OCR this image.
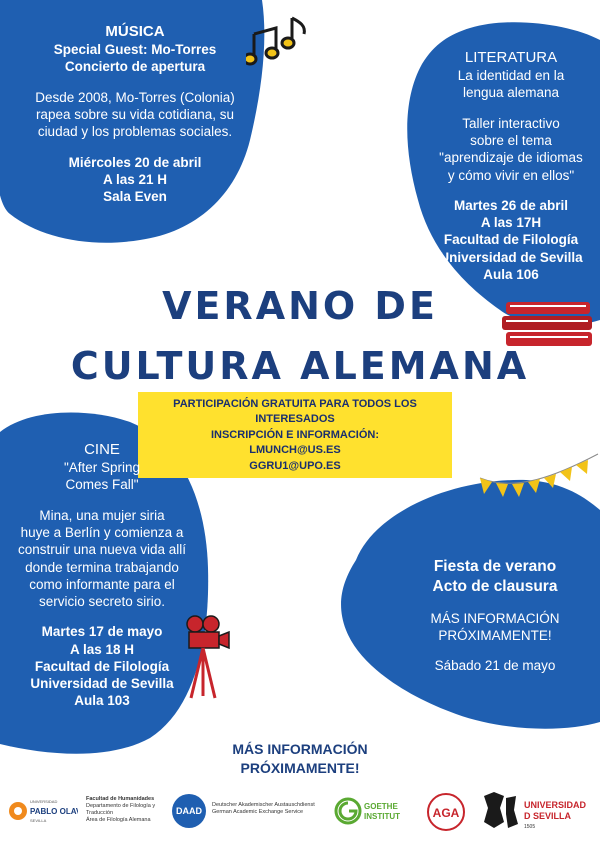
MÚSICA

Special Guest: Mo-Torres

Concierto de apertura

Desde 2008, Mo-Torres (Colonia)

rapea sobre su vida cotidiana, su

ciudad y los problemas sociales.

Miércoles 20 de abril

A las 21 H

Sala Even

LITERATURA

La identidad en la

lengua alemana

Taller interactivo

sobre el tema

"aprendizaje de idiomas

y cómo vivir en ellos"

Martes 26 de abril

A las 17H

Facultad de Filología

Universidad de Sevilla

Aula 106

VERANO DE
CULTURA ALEMANA
PARTICIPACIÓN GRATUITA PARA TODOS LOS
INTERESADOS
INSCRIPCIÓN E INFORMACIÓN:
LMUNCH@US.ES
GGRU1@UPO.ES

CINE

"After Spring

Comes Fall"

Mina, una mujer siria

huye a Berlín y comienza a

construir una nueva vida allí

donde termina trabajando

como informante para el

servicio secreto sirio.

Martes 17 de mayo

A las 18 H

Facultad de Filología

Universidad de Sevilla

Aula 103

Fiesta de verano

Acto de clausura

MÁS INFORMACIÓN

PRÓXIMAMENTE!

Sábado 21 de mayo

MÁS INFORMACIÓN
PRÓXIMAMENTE!
UNIVERSIDAD
PABLO OLA
SEVILLA
Facultad de Humanidades
Departamento de Filología y Traducción
Área de Filología Alemana
DAAD
Deutscher Akademischer Austauschdienst
German Academic Exchange Service
GOETHE
INSTITUT	AGA
UNIVERSIDAD
D SEVILLA
1505
